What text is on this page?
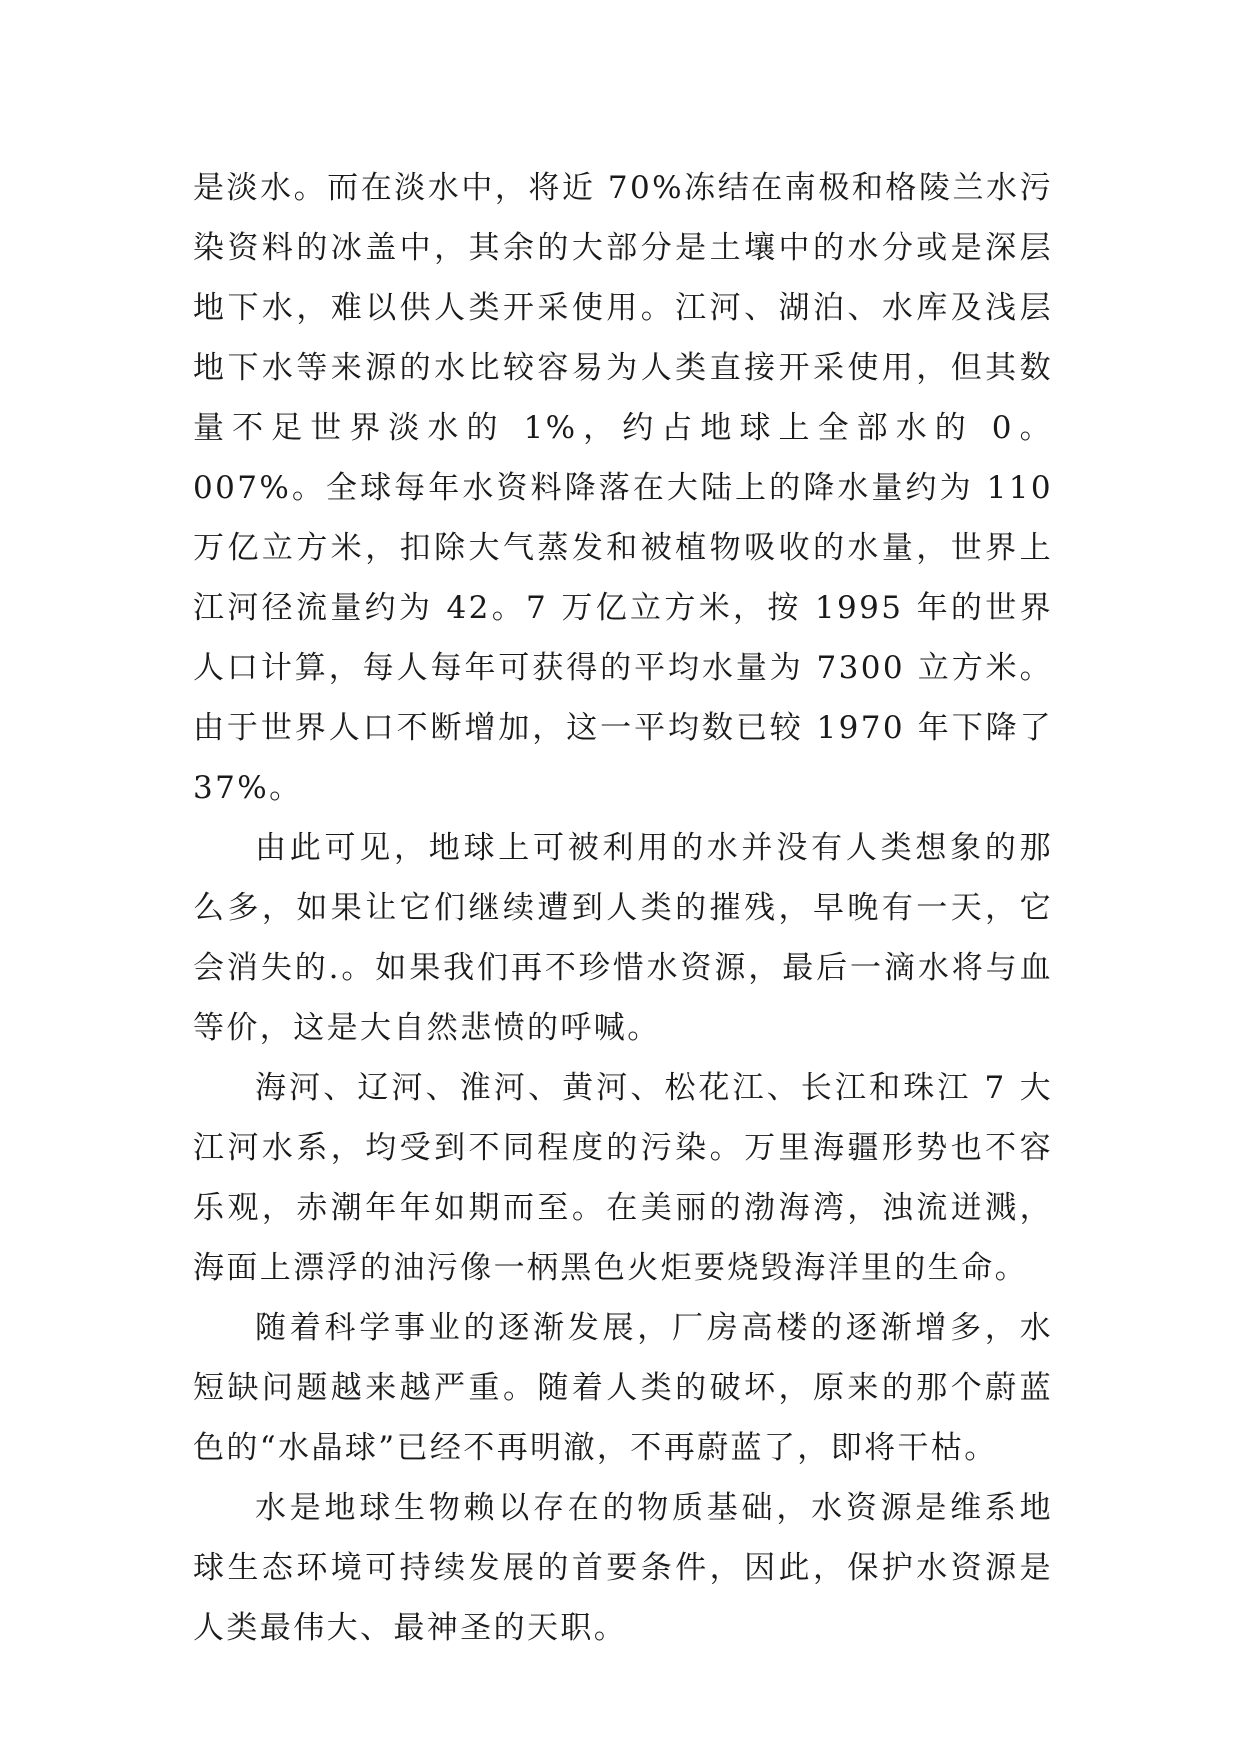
是淡水。而在淡水中，将近 70%冻结在南极和格陵兰水污染资料的冰盖中，其余的大部分是土壤中的水分或是深层地下水，难以供人类开采使用。江河、湖泊、水库及浅层地下水等来源的水比较容易为人类直接开采使用，但其数量不足世界淡水的 1%，约占地球上全部水的 0。007%。全球每年水资料降落在大陆上的降水量约为 110 万亿立方米，扣除大气蒸发和被植物吸收的水量，世界上江河径流量约为 42。7 万亿立方米，按 1995 年的世界人口计算，每人每年可获得的平均水量为 7300 立方米。由于世界人口不断增加，这一平均数已较 1970 年下降了 37%。

由此可见，地球上可被利用的水并没有人类想象的那么多，如果让它们继续遭到人类的摧残，早晚有一天，它会消失的.。如果我们再不珍惜水资源，最后一滴水将与血等价，这是大自然悲愤的呼喊。

海河、辽河、淮河、黄河、松花江、长江和珠江 7 大江河水系，均受到不同程度的污染。万里海疆形势也不容乐观，赤潮年年如期而至。在美丽的渤海湾，浊流迸溅，海面上漂浮的油污像一柄黑色火炬要烧毁海洋里的生命。

随着科学事业的逐渐发展，厂房高楼的逐渐增多，水短缺问题越来越严重。随着人类的破坏，原来的那个蔚蓝色的“水晶球”已经不再明澈，不再蔚蓝了，即将干枯。

水是地球生物赖以存在的物质基础，水资源是维系地球生态环境可持续发展的首要条件，因此，保护水资源是人类最伟大、最神圣的天职。
